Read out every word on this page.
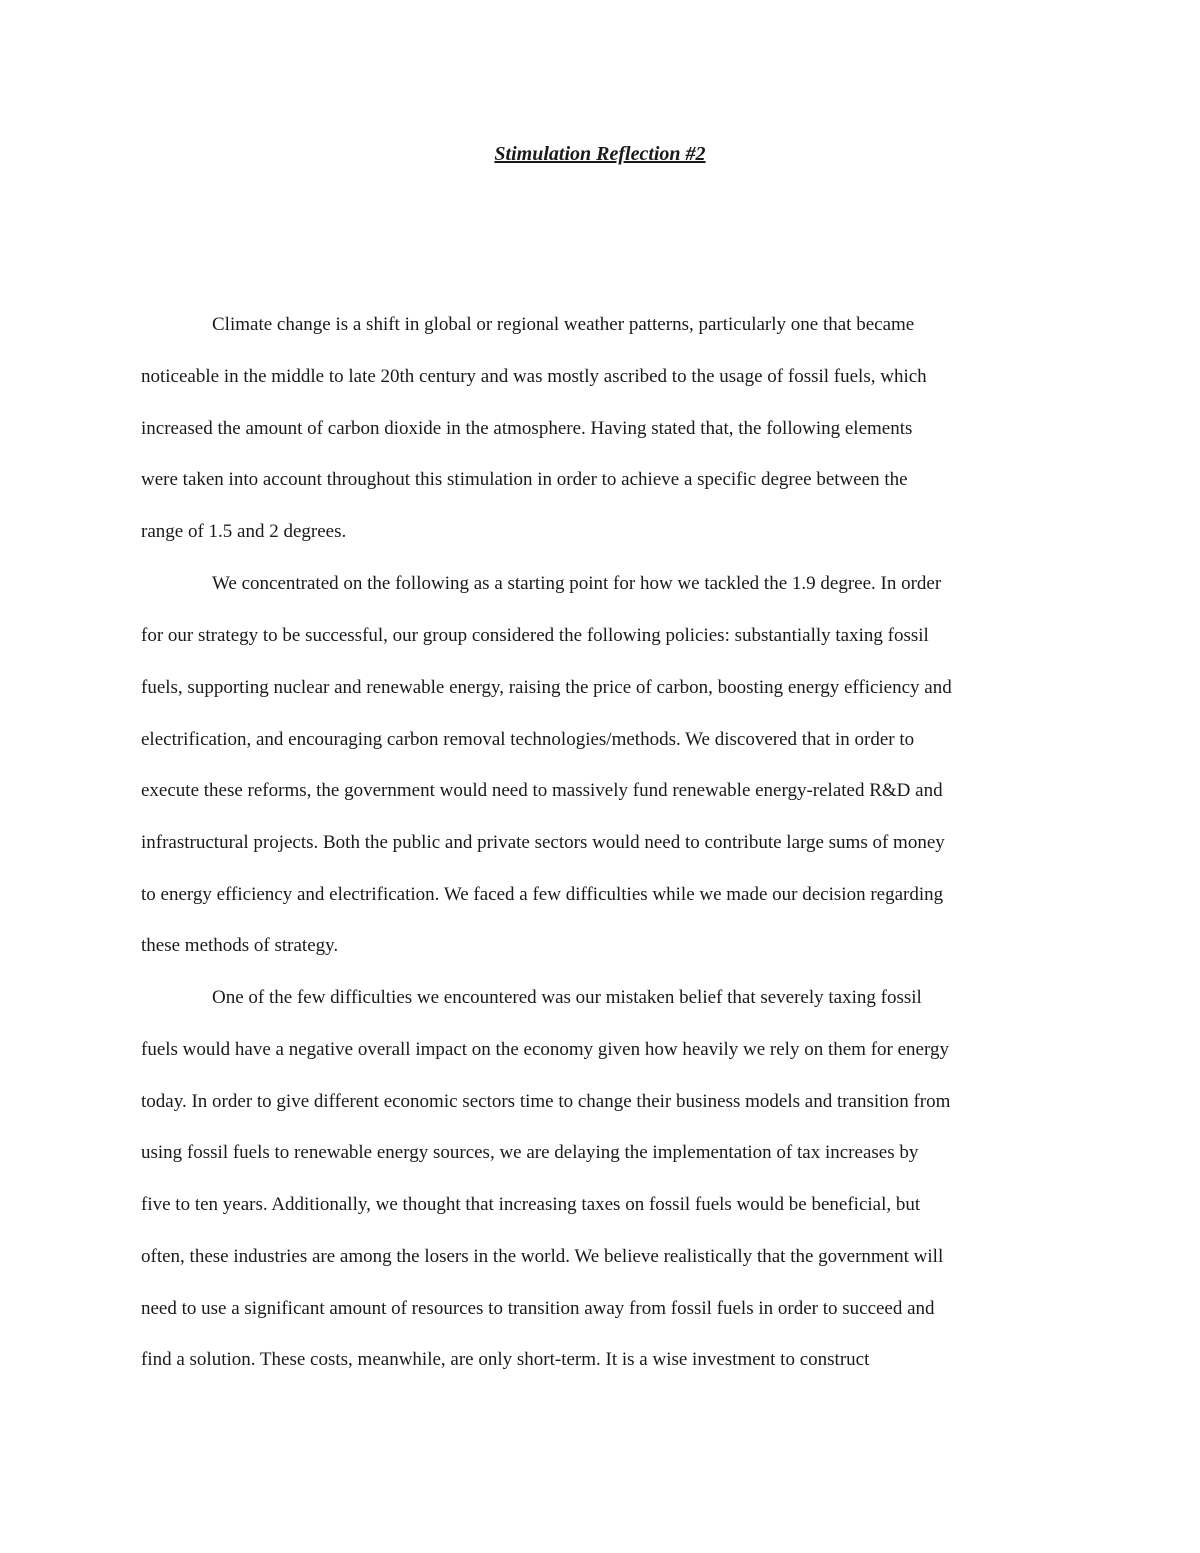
Stimulation Reflection #2

Climate change is a shift in global or regional weather patterns, particularly one that became

noticeable in the middle to late 20th century and was mostly ascribed to the usage of fossil fuels, which

increased the amount of carbon dioxide in the atmosphere. Having stated that, the following elements

were taken into account throughout this stimulation in order to achieve a specific degree between the

range of 1.5 and 2 degrees.

We concentrated on the following as a starting point for how we tackled the 1.9 degree. In order

for our strategy to be successful, our group considered the following policies: substantially taxing fossil

fuels, supporting nuclear and renewable energy, raising the price of carbon, boosting energy efficiency and

electrification, and encouraging carbon removal technologies/methods. We discovered that in order to

execute these reforms, the government would need to massively fund renewable energy-related R&D and

infrastructural projects. Both the public and private sectors would need to contribute large sums of money

to energy efficiency and electrification. We faced a few difficulties while we made our decision regarding

these methods of strategy.

One of the few difficulties we encountered was our mistaken belief that severely taxing fossil

fuels would have a negative overall impact on the economy given how heavily we rely on them for energy

today. In order to give different economic sectors time to change their business models and transition from

using fossil fuels to renewable energy sources, we are delaying the implementation of tax increases by

five to ten years. Additionally, we thought that increasing taxes on fossil fuels would be beneficial, but

often, these industries are among the losers in the world. We believe realistically that the government will

need to use a significant amount of resources to transition away from fossil fuels in order to succeed and

find a solution. These costs, meanwhile, are only short-term. It is a wise investment to construct
